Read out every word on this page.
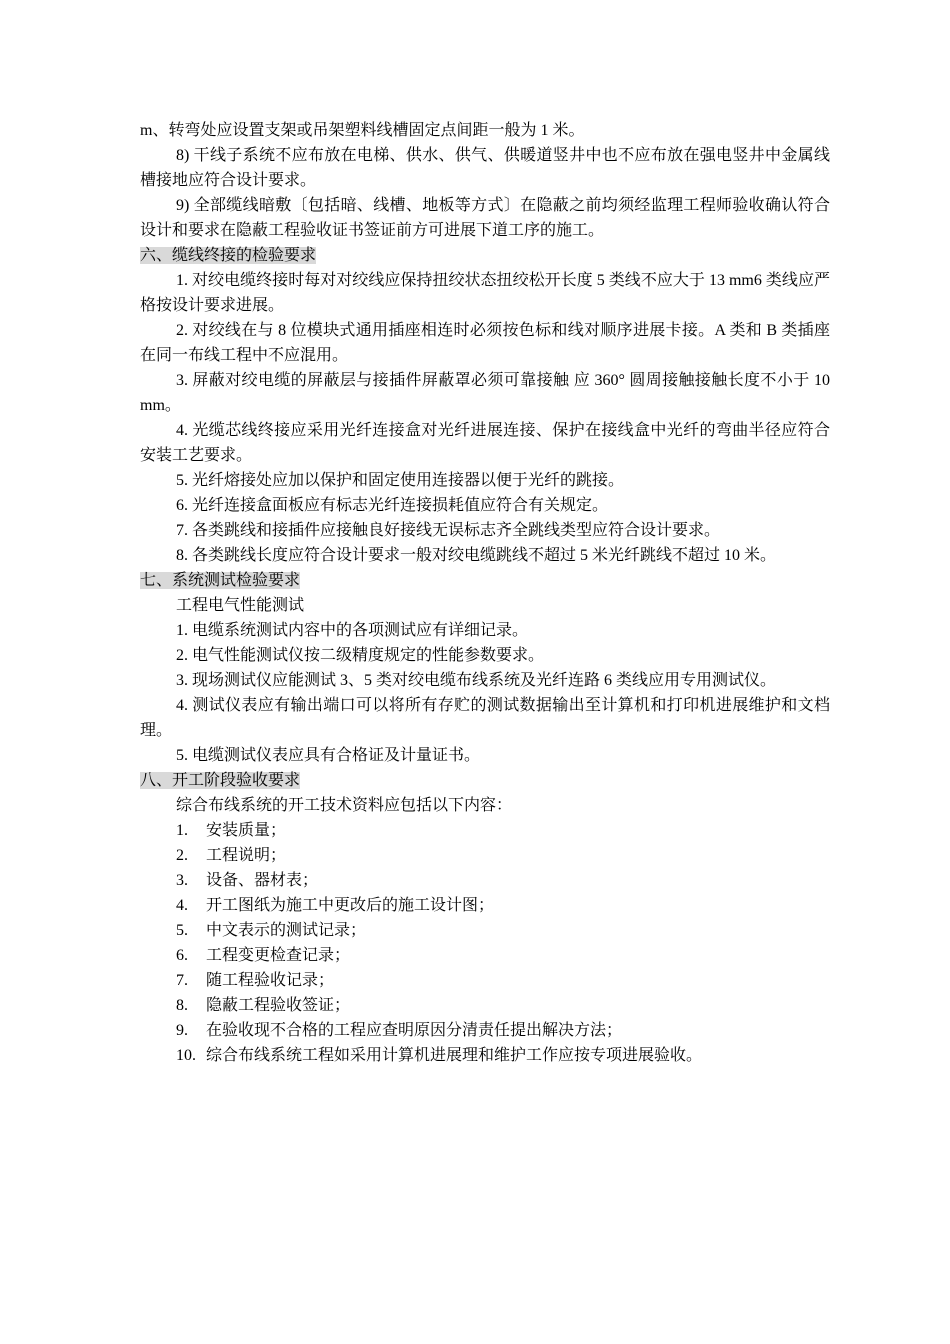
m、转弯处应设置支架或吊架塑料线槽固定点间距一般为 1 米。

8) 干线子系统不应布放在电梯、供水、供气、供暖道竖井中也不应布放在强电竖井中金属线槽接地应符合设计要求。

9) 全部缆线暗敷〔包括暗、线槽、地板等方式〕在隐蔽之前均须经监理工程师验收确认符合设计和要求在隐蔽工程验收证书签证前方可进展下道工序的施工。

六、缆线终接的检验要求

1. 对绞电缆终接时每对对绞线应保持扭绞状态扭绞松开长度 5 类线不应大于 13 mm6 类线应严格按设计要求进展。

2. 对绞线在与 8 位模块式通用插座相连时必须按色标和线对顺序进展卡接。A 类和 B 类插座在同一布线工程中不应混用。

3. 屏蔽对绞电缆的屏蔽层与接插件屏蔽罩必须可靠接触 应 360° 圆周接触接触长度不小于 10 mm。

4. 光缆芯线终接应采用光纤连接盒对光纤进展连接、保护在接线盒中光纤的弯曲半径应符合安装工艺要求。

5. 光纤熔接处应加以保护和固定使用连接器以便于光纤的跳接。

6. 光纤连接盒面板应有标志光纤连接损耗值应符合有关规定。

7. 各类跳线和接插件应接触良好接线无误标志齐全跳线类型应符合设计要求。

8. 各类跳线长度应符合设计要求一般对绞电缆跳线不超过 5 米光纤跳线不超过 10 米。

七、系统测试检验要求

工程电气性能测试

1. 电缆系统测试内容中的各项测试应有详细记录。

2. 电气性能测试仪按二级精度规定的性能参数要求。

3. 现场测试仪应能测试 3、5 类对绞电缆布线系统及光纤连路 6 类线应用专用测试仪。

4. 测试仪表应有输出端口可以将所有存贮的测试数据输出至计算机和打印机进展维护和文档理。

5. 电缆测试仪表应具有合格证及计量证书。

八、开工阶段验收要求

综合布线系统的开工技术资料应包括以下内容：

1. 安装质量；
2. 工程说明；
3. 设备、器材表；
4. 开工图纸为施工中更改后的施工设计图；
5. 中文表示的测试记录；
6. 工程变更检查记录；
7. 随工程验收记录；
8. 隐蔽工程验收签证；
9. 在验收现不合格的工程应查明原因分清责任提出解决方法；
10. 综合布线系统工程如采用计算机进展理和维护工作应按专项进展验收。
